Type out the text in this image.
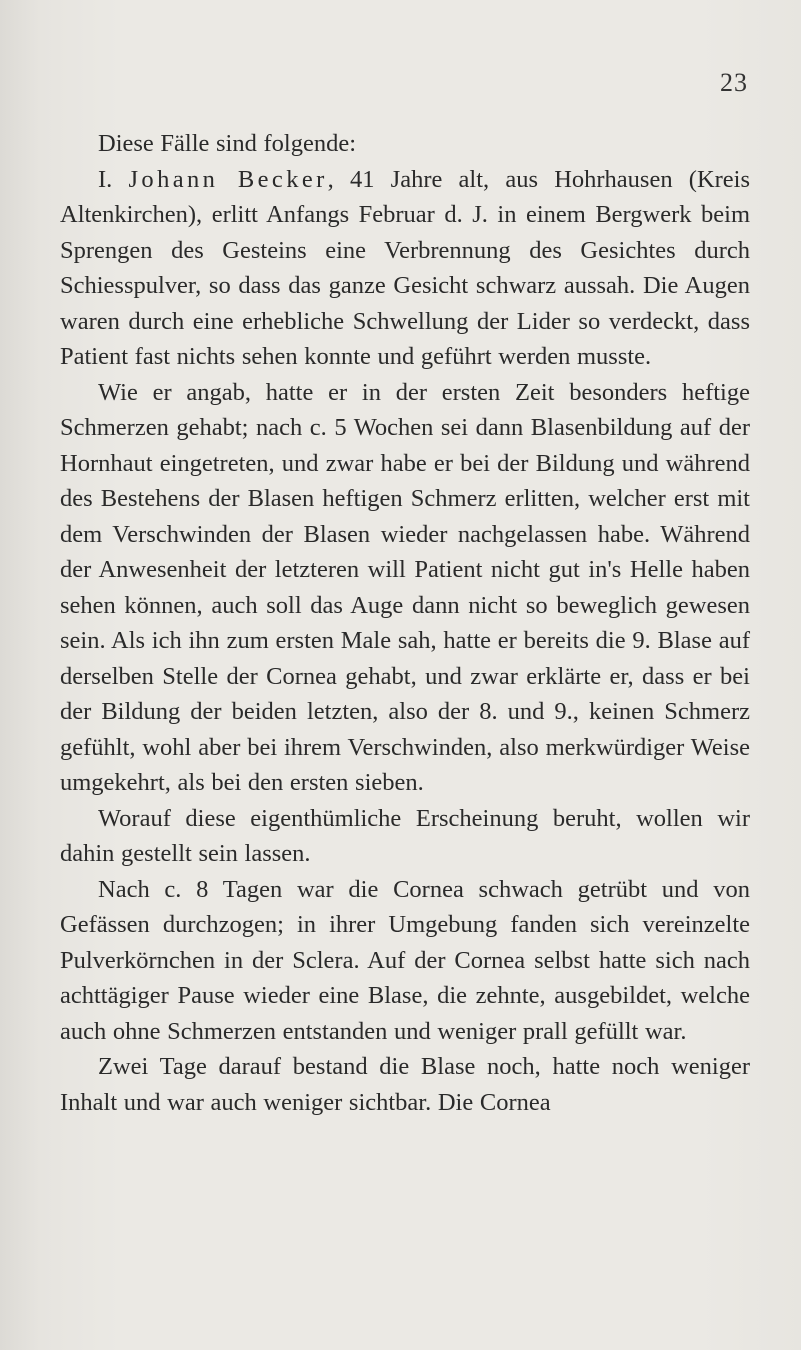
23

Diese Fälle sind folgende:

I. Johann Becker, 41 Jahre alt, aus Hohrhausen (Kreis Altenkirchen), erlitt Anfangs Februar d. J. in einem Bergwerk beim Sprengen des Gesteins eine Verbrennung des Gesichtes durch Schiesspulver, so dass das ganze Gesicht schwarz aussah. Die Augen waren durch eine erhebliche Schwellung der Lider so verdeckt, dass Patient fast nichts sehen konnte und geführt werden musste.

Wie er angab, hatte er in der ersten Zeit besonders heftige Schmerzen gehabt; nach c. 5 Wochen sei dann Blasenbildung auf der Hornhaut eingetreten, und zwar habe er bei der Bildung und während des Bestehens der Blasen heftigen Schmerz erlitten, welcher erst mit dem Verschwinden der Blasen wieder nachgelassen habe. Während der Anwesenheit der letzteren will Patient nicht gut in's Helle haben sehen können, auch soll das Auge dann nicht so beweglich gewesen sein. Als ich ihn zum ersten Male sah, hatte er bereits die 9. Blase auf derselben Stelle der Cornea gehabt, und zwar erklärte er, dass er bei der Bildung der beiden letzten, also der 8. und 9., keinen Schmerz gefühlt, wohl aber bei ihrem Verschwinden, also merkwürdiger Weise umgekehrt, als bei den ersten sieben.

Worauf diese eigenthümliche Erscheinung beruht, wollen wir dahin gestellt sein lassen.

Nach c. 8 Tagen war die Cornea schwach getrübt und von Gefässen durchzogen; in ihrer Umgebung fanden sich vereinzelte Pulverkörnchen in der Sclera. Auf der Cornea selbst hatte sich nach achttägiger Pause wieder eine Blase, die zehnte, ausgebildet, welche auch ohne Schmerzen entstanden und weniger prall gefüllt war.

Zwei Tage darauf bestand die Blase noch, hatte noch weniger Inhalt und war auch weniger sichtbar. Die Cornea
